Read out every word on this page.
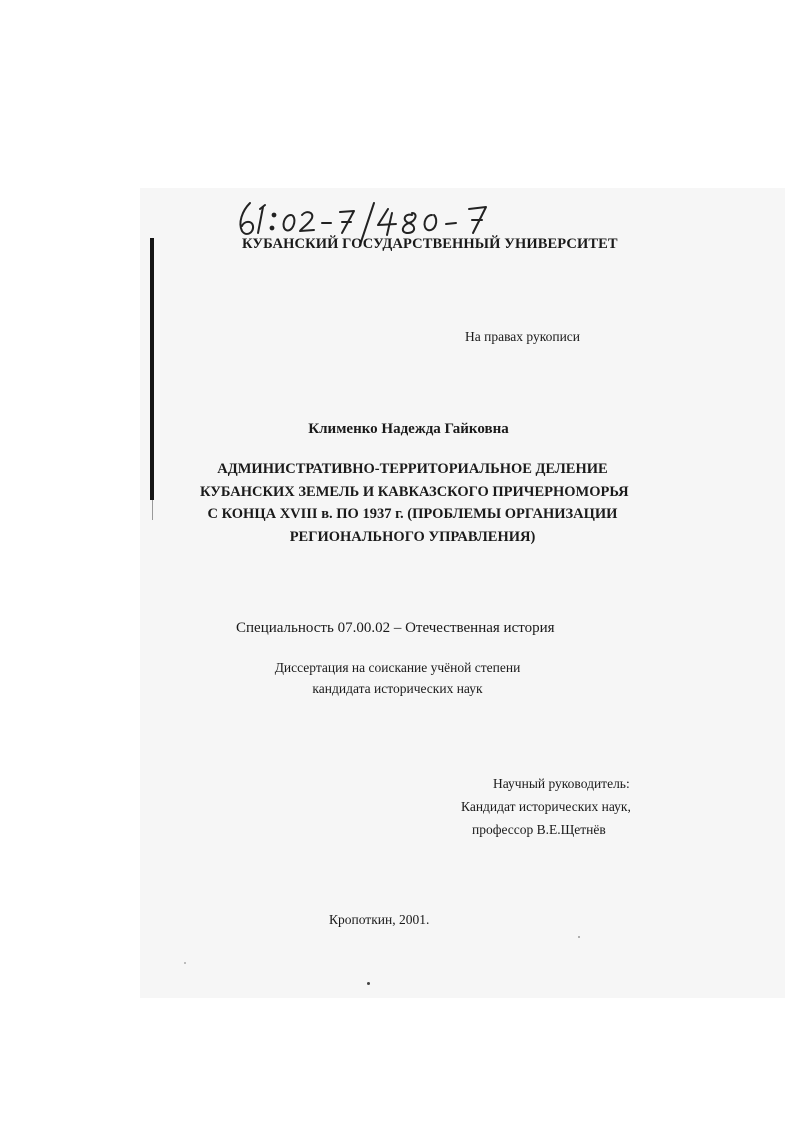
КУБАНСКИЙ ГОСУДАРСТВЕННЫЙ УНИВЕРСИТЕТ
На правах рукописи
Клименко Надежда Гайковна
АДМИНИСТРАТИВНО-ТЕРРИТОРИАЛЬНОЕ ДЕЛЕНИЕ
КУБАНСКИХ ЗЕМЕЛЬ И КАВКАЗСКОГО ПРИЧЕРНОМОРЬЯ
С КОНЦА XVIII в. ПО 1937 г. (ПРОБЛЕМЫ ОРГАНИЗАЦИИ
РЕГИОНАЛЬНОГО УПРАВЛЕНИЯ)
Специальность 07.00.02 – Отечественная история
Диссертация на соискание учёной степени
кандидата исторических наук
Научный руководитель:
Кандидат исторических наук,
профессор В.Е.Щетнёв
Кропоткин, 2001.
